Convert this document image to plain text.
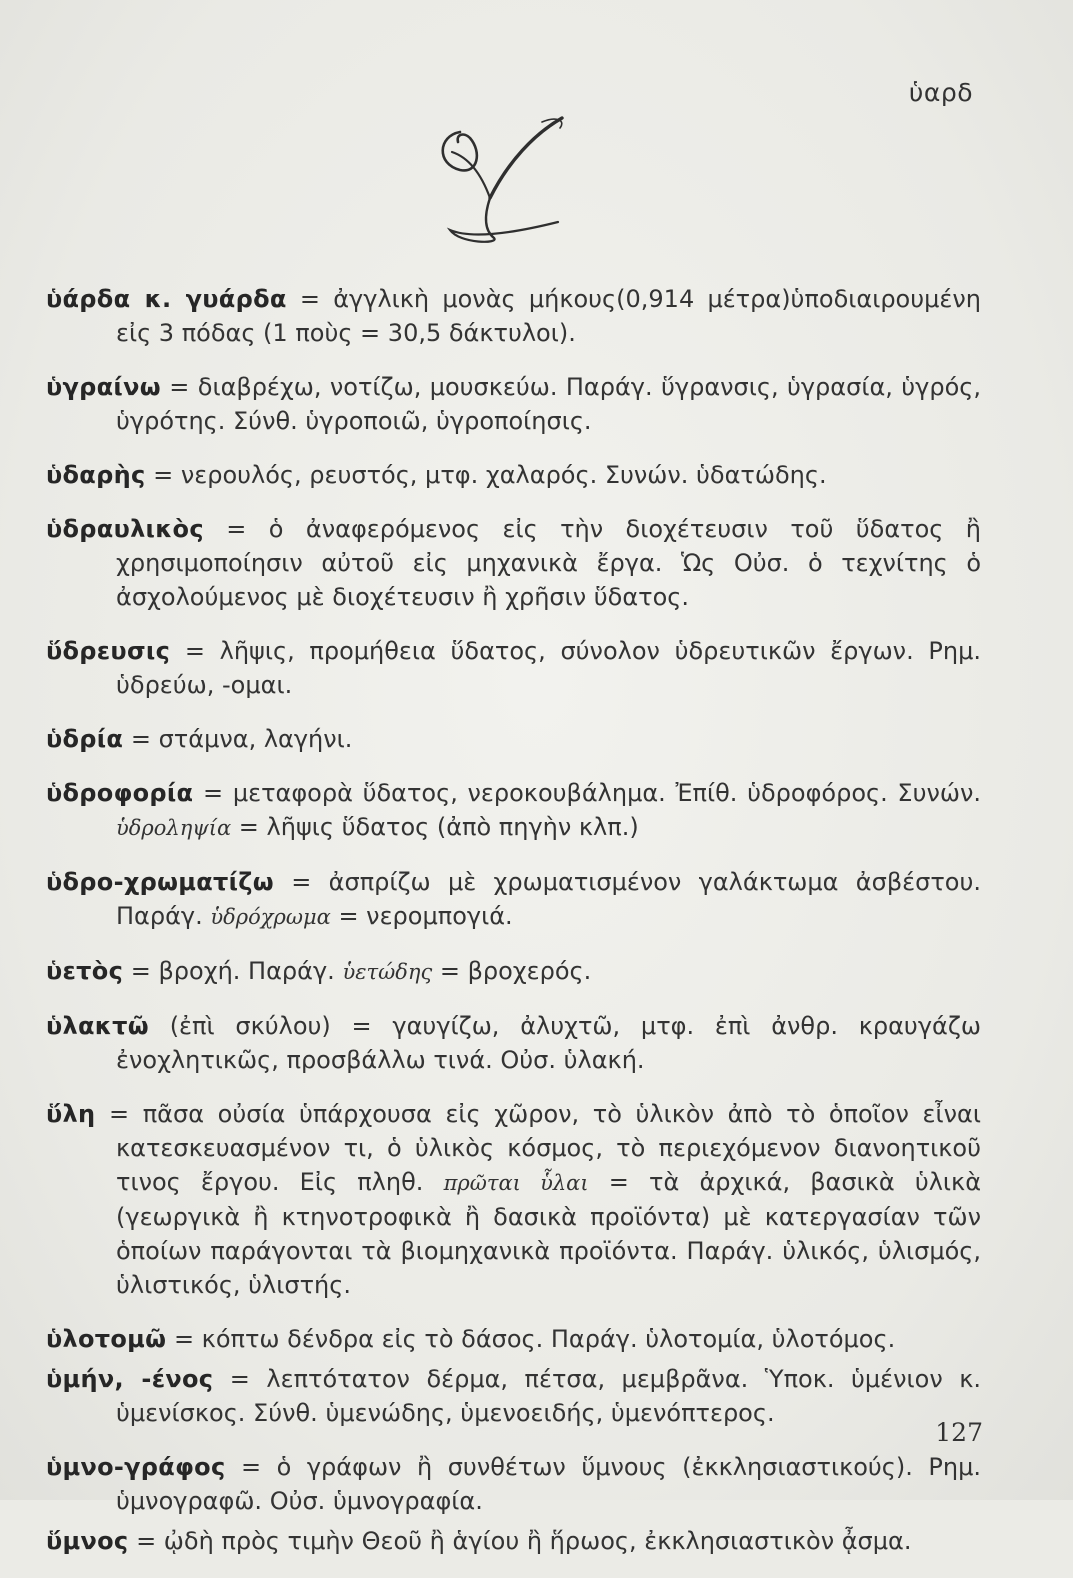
ὑαρδ

ὑάρδα κ. γυάρδα = ἀγγλικὴ μονὰς μήκους(0,914 μέτρα)ὑποδιαιρουμένη εἰς 3 πόδας (1 ποὺς = 30,5 δάκτυλοι).

ὑγραίνω = διαβρέχω, νοτίζω, μουσκεύω. Παράγ. ὕγρανσις, ὑγρασία, ὑγρός, ὑγρότης. Σύνθ. ὑγροποιῶ, ὑγροποίησις.

ὑδαρὴς = νερουλός, ρευστός, μτφ. χαλαρός. Συνών. ὑδατώδης.

ὑδραυλικὸς = ὁ ἀναφερόμενος εἰς τὴν διοχέτευσιν τοῦ ὕδατος ἢ χρησιμοποίησιν αὐτοῦ εἰς μηχανικὰ ἔργα. Ὡς Οὐσ. ὁ τεχνίτης ὁ ἀσχολούμενος μὲ διοχέτευσιν ἢ χρῆσιν ὕδατος.

ὕδρευσις = λῆψις, προμήθεια ὕδατος, σύνολον ὑδρευτικῶν ἔργων. Ρημ. ὑδρεύω, -ομαι.

ὑδρία = στάμνα, λαγήνι.

ὑδροφορία = μεταφορὰ ὕδατος, νεροκουβάλημα. Ἐπίθ. ὑδροφόρος. Συνών. ὑδροληψία = λῆψις ὕδατος (ἀπὸ πηγὴν κλπ.)

ὑδρο-χρωματίζω = ἀσπρίζω μὲ χρωματισμένον γαλάκτωμα ἀσβέστου. Παράγ. ὑδρόχρωμα = νερομπογιά.

ὑετὸς = βροχή. Παράγ. ὑετώδης = βροχερός.

ὑλακτῶ (ἐπὶ σκύλου) = γαυγίζω, ἀλυχτῶ, μτφ. ἐπὶ ἀνθρ. κραυγάζω ἐνοχλητικῶς, προσβάλλω τινά. Οὐσ. ὑλακή.

ὕλη = πᾶσα οὐσία ὑπάρχουσα εἰς χῶρον, τὸ ὑλικὸν ἀπὸ τὸ ὁποῖον εἶναι κατεσκευασμένον τι, ὁ ὑλικὸς κόσμος, τὸ περιεχόμενον διανοητικοῦ τινος ἔργου. Εἰς πληθ. πρῶται ὗλαι = τὰ ἀρχικά, βασικὰ ὑλικὰ (γεωργικὰ ἢ κτηνοτροφικὰ ἢ δασικὰ προϊόντα) μὲ κατεργασίαν τῶν ὁποίων παράγονται τὰ βιομηχανικὰ προϊόντα. Παράγ. ὑλικός, ὑλισμός, ὑλιστικός, ὑλιστής.

ὑλοτομῶ = κόπτω δένδρα εἰς τὸ δάσος. Παράγ. ὑλοτομία, ὑλοτόμος.

ὑμήν, -ένος = λεπτότατον δέρμα, πέτσα, μεμβρᾶνα. Ὑποκ. ὑμένιον κ. ὑμενίσκος. Σύνθ. ὑμενώδης, ὑμενοειδής, ὑμενόπτερος.

ὑμνο-γράφος = ὁ γράφων ἢ συνθέτων ὕμνους (ἐκκλησιαστικούς). Ρημ. ὑμνογραφῶ. Οὐσ. ὑμνογραφία.

ὕμνος = ᾠδὴ πρὸς τιμὴν Θεοῦ ἢ ἁγίου ἢ ἥρωος, ἐκκλησιαστικὸν ᾆσμα.

127
